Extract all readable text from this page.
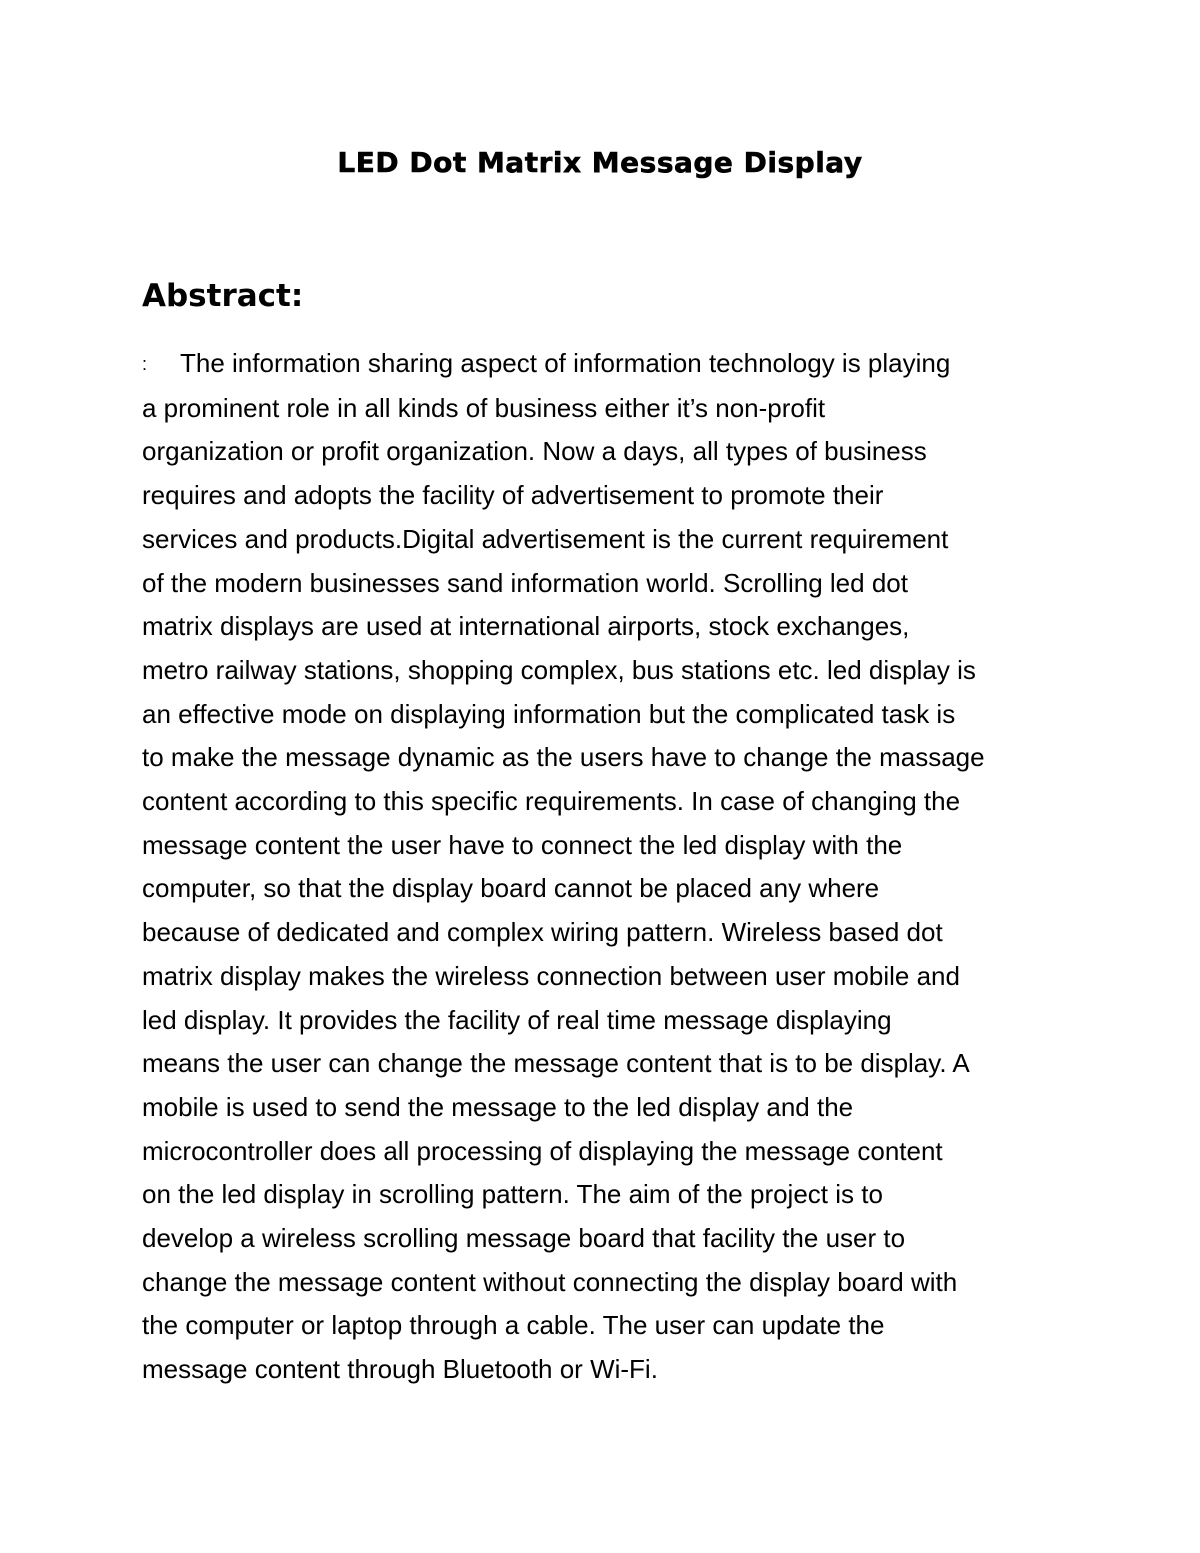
LED Dot Matrix Message Display
Abstract:
: The information sharing aspect of information technology is playing
a prominent role in all kinds of business either it’s non-profit
organization or profit organization. Now a days, all types of business
requires and adopts the facility of advertisement to promote their
services and products.Digital advertisement is the current requirement
of the modern businesses sand information world. Scrolling led dot
matrix displays are used at international airports, stock exchanges,
metro railway stations, shopping complex, bus stations etc. led display is
an effective mode on displaying information but the complicated task is
to make the message dynamic as the users have to change the massage
content according to this specific requirements. In case of changing the
message content the user have to connect the led display with the
computer, so that the display board cannot be placed any where
because of dedicated and complex wiring pattern. Wireless based dot
matrix display makes the wireless connection between user mobile and
led display. It provides the facility of real time message displaying
means the user can change the message content that is to be display. A
mobile is used to send the message to the led display and the
microcontroller does all processing of displaying the message content
on the led display in scrolling pattern. The aim of the project is to
develop a wireless scrolling message board that facility the user to
change the message content without connecting the display board with
the computer or laptop through a cable. The user can update the
message content through Bluetooth or Wi-Fi.
